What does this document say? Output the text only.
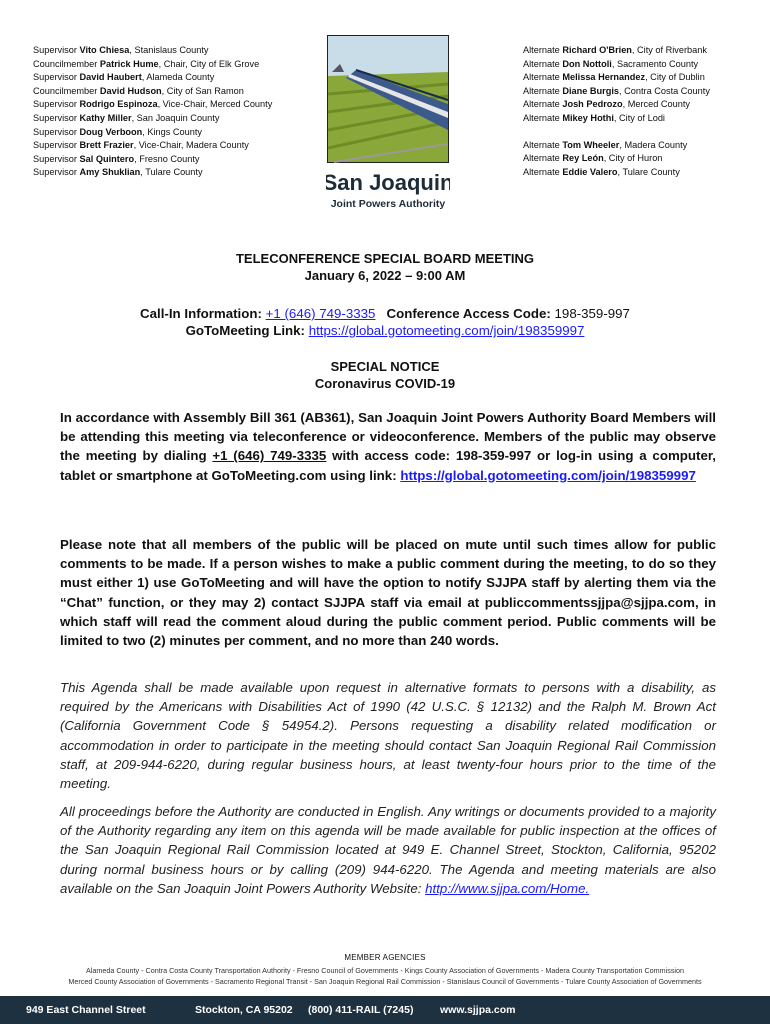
Supervisor Vito Chiesa, Stanislaus County
Councilmember Patrick Hume, Chair, City of Elk Grove
Supervisor David Haubert, Alameda County
Councilmember David Hudson, City of San Ramon
Supervisor Rodrigo Espinoza, Vice-Chair, Merced County
Supervisor Kathy Miller, San Joaquin County
Supervisor Doug Verboon, Kings County
Supervisor Brett Frazier, Vice-Chair, Madera County
Supervisor Sal Quintero, Fresno County
Supervisor Amy Shuklian, Tulare County	San Joaquin
Joint Powers Authority
Alternate Richard O'Brien, City of Riverbank
Alternate Don Nottoli, Sacramento County
Alternate Melissa Hernandez, City of Dublin
Alternate Diane Burgis, Contra Costa County
Alternate Josh Pedrozo, Merced County
Alternate Mikey Hothi, City of Lodi
Alternate Tom Wheeler, Madera County
Alternate Rey León, City of Huron
Alternate Eddie Valero, Tulare County
TELECONFERENCE SPECIAL BOARD MEETING
January 6, 2022 – 9:00 AM
Call-In Information: +1 (646) 749-3335 Conference Access Code: 198-359-997
GoToMeeting Link: https://global.gotomeeting.com/join/198359997
SPECIAL NOTICE
Coronavirus COVID-19
In accordance with Assembly Bill 361 (AB361), San Joaquin Joint Powers Authority Board Members will be attending this meeting via teleconference or videoconference. Members of the public may observe the meeting by dialing +1 (646) 749-3335 with access code: 198-359-997 or log-in using a computer, tablet or smartphone at GoToMeeting.com using link: https://global.gotomeeting.com/join/198359997
Please note that all members of the public will be placed on mute until such times allow for public comments to be made. If a person wishes to make a public comment during the meeting, to do so they must either 1) use GoToMeeting and will have the option to notify SJJPA staff by alerting them via the “Chat” function, or they may 2) contact SJJPA staff via email at publiccommentssjjpa@sjjpa.com, in which staff will read the comment aloud during the public comment period. Public comments will be limited to two (2) minutes per comment, and no more than 240 words.
This Agenda shall be made available upon request in alternative formats to persons with a disability, as required by the Americans with Disabilities Act of 1990 (42 U.S.C. § 12132) and the Ralph M. Brown Act (California Government Code § 54954.2). Persons requesting a disability related modification or accommodation in order to participate in the meeting should contact San Joaquin Regional Rail Commission staff, at 209-944-6220, during regular business hours, at least twenty-four hours prior to the time of the meeting.
All proceedings before the Authority are conducted in English. Any writings or documents provided to a majority of the Authority regarding any item on this agenda will be made available for public inspection at the offices of the San Joaquin Regional Rail Commission located at 949 E. Channel Street, Stockton, California, 95202 during normal business hours or by calling (209) 944-6220. The Agenda and meeting materials are also available on the San Joaquin Joint Powers Authority Website: http://www.sjjpa.com/Home.
MEMBER AGENCIES
Alameda County - Contra Costa County Transportation Authority - Fresno Council of Governments - Kings County Association of Governments - Madera County Transportation Commission
Merced County Association of Governments - Sacramento Regional Transit - San Joaquin Regional Rail Commission - Stanislaus Council of Governments - Tulare County Association of Governments
949 East Channel Street	Stockton, CA 95202 (800) 411-RAIL (7245)	www.sjjpa.com
